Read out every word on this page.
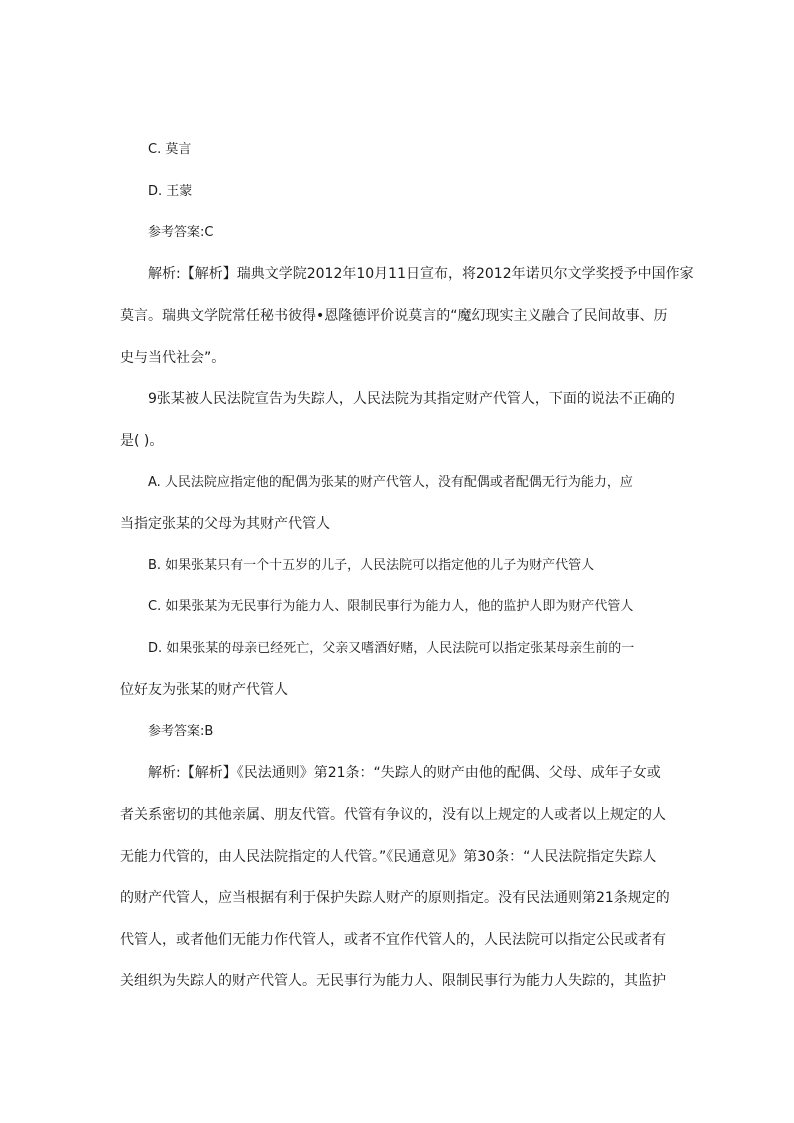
C. 莫言
D. 王蒙
参考答案:C
解析:【解析】瑞典文学院2012年10月11日宣布，将2012年诺贝尔文学奖授予中国作家
莫言。瑞典文学院常任秘书彼得•恩隆德评价说莫言的“魔幻现实主义融合了民间故事、历
史与当代社会”。
9张某被人民法院宣告为失踪人，人民法院为其指定财产代管人，下面的说法不正确的
是( )。
A. 人民法院应指定他的配偶为张某的财产代管人，没有配偶或者配偶无行为能力，应
当指定张某的父母为其财产代管人
B. 如果张某只有一个十五岁的儿子，人民法院可以指定他的儿子为财产代管人
C. 如果张某为无民事行为能力人、限制民事行为能力人，他的监护人即为财产代管人
D. 如果张某的母亲已经死亡，父亲又嗜酒好赌，人民法院可以指定张某母亲生前的一
位好友为张某的财产代管人
参考答案:B
解析:【解析】《民法通则》第21条：“失踪人的财产由他的配偶、父母、成年子女或
者关系密切的其他亲属、朋友代管。代管有争议的，没有以上规定的人或者以上规定的人
无能力代管的，由人民法院指定的人代管。”《民通意见》第30条：“人民法院指定失踪人
的财产代管人，应当根据有利于保护失踪人财产的原则指定。没有民法通则第21条规定的
代管人，或者他们无能力作代管人，或者不宜作代管人的，人民法院可以指定公民或者有
关组织为失踪人的财产代管人。无民事行为能力人、限制民事行为能力人失踪的，其监护
